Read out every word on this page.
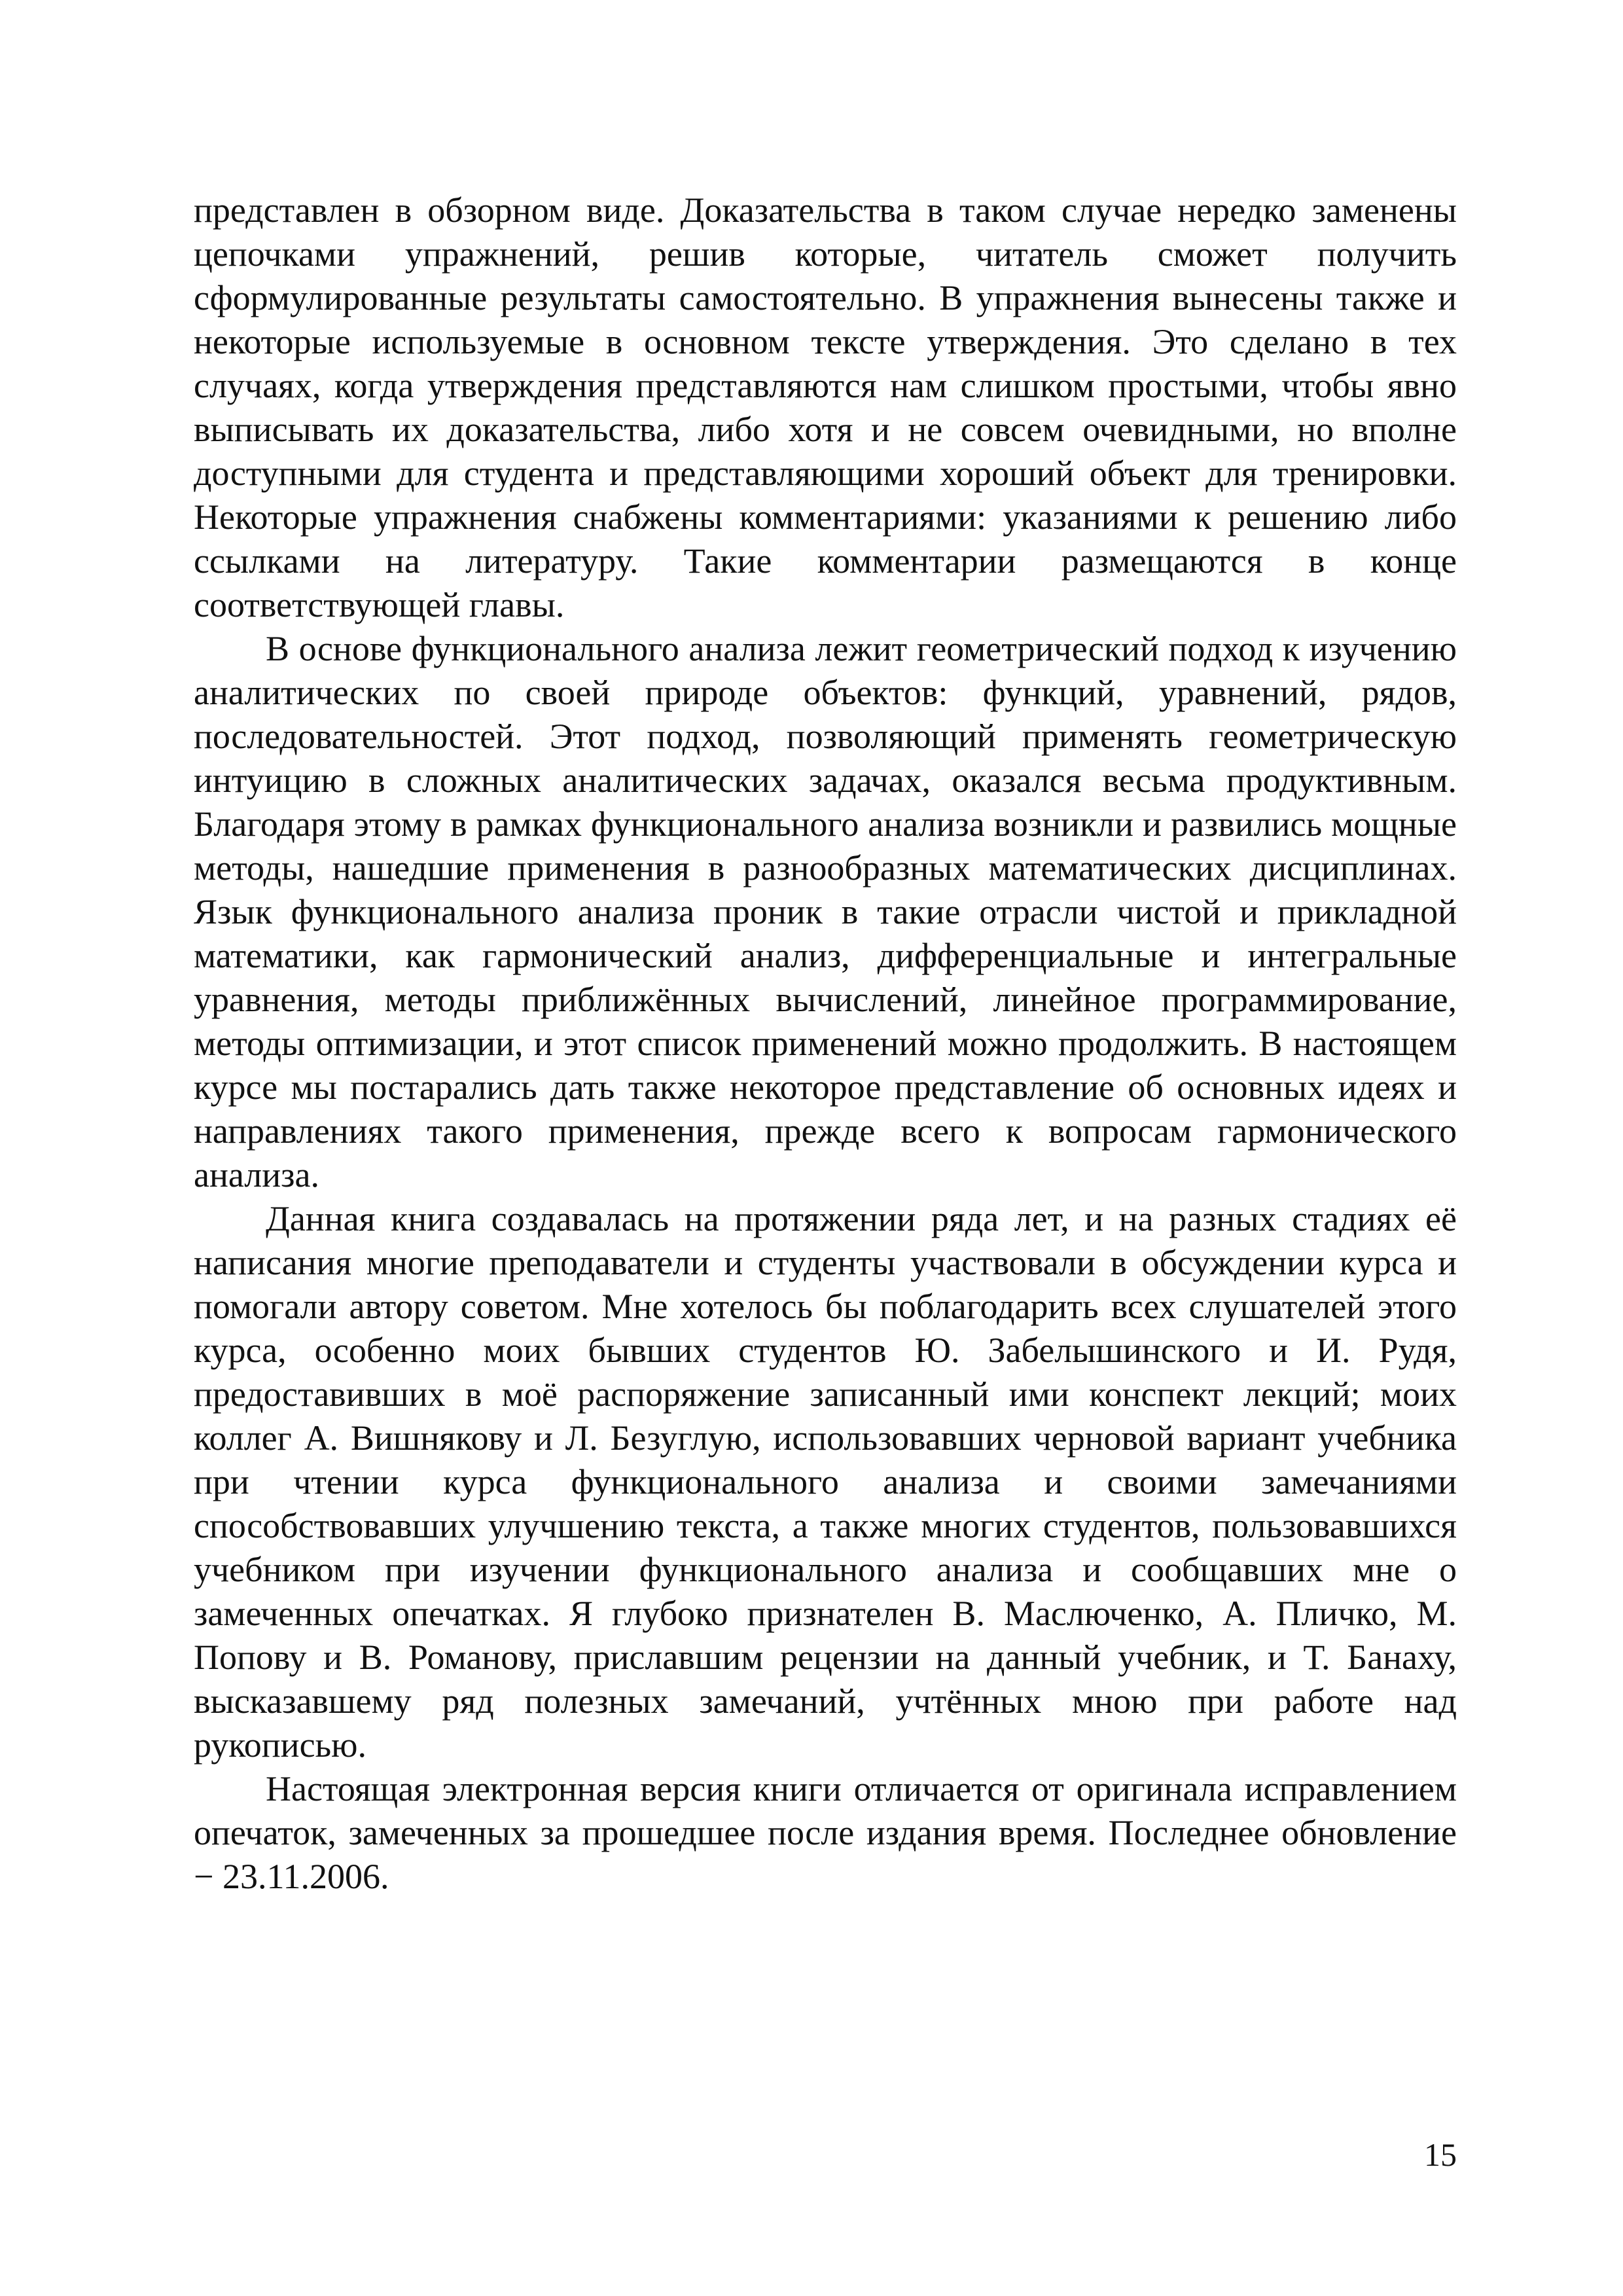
представлен в обзорном виде. Доказательства в таком случае нередко заменены цепочками упражнений, решив которые, читатель сможет получить сформулированные результаты самостоятельно. В упражнения вынесены также и некоторые используемые в основном тексте утверждения. Это сделано в тех случаях, когда утверждения представляются нам слишком простыми, чтобы явно выписывать их доказательства, либо хотя и не совсем очевидными, но вполне доступными для студента и представляющими хороший объект для тренировки. Некоторые упражнения снабжены комментариями: указаниями к решению либо ссылками на литературу. Такие комментарии размещаются в конце соответствующей главы.

В основе функционального анализа лежит геометрический подход к изучению аналитических по своей природе объектов: функций, уравнений, рядов, последовательностей. Этот подход, позволяющий применять геометрическую интуицию в сложных аналитических задачах, оказался весьма продуктивным. Благодаря этому в рамках функционального анализа возникли и развились мощные методы, нашедшие применения в разнообразных математических дисциплинах. Язык функционального анализа проник в такие отрасли чистой и прикладной математики, как гармонический анализ, дифференциальные и интегральные уравнения, методы приближённых вычислений, линейное программирование, методы оптимизации, и этот список применений можно продолжить. В настоящем курсе мы постарались дать также некоторое представление об основных идеях и направлениях такого применения, прежде всего к вопросам гармонического анализа.

Данная книга создавалась на протяжении ряда лет, и на разных стадиях её написания многие преподаватели и студенты участвовали в обсуждении курса и помогали автору советом. Мне хотелось бы поблагодарить всех слушателей этого курса, особенно моих бывших студентов Ю. Забелышинского и И. Рудя, предоставивших в моё распоряжение записанный ими конспект лекций; моих коллег А. Вишнякову и Л. Безуглую, использовавших черновой вариант учебника при чтении курса функционального анализа и своими замечаниями способствовавших улучшению текста, а также многих студентов, пользовавшихся учебником при изучении функционального анализа и сообщавших мне о замеченных опечатках. Я глубоко признателен В. Маслюченко, А. Пличко, М. Попову и В. Романову, приславшим рецензии на данный учебник, и Т. Банаху, высказавшему ряд полезных замечаний, учтённых мною при работе над рукописью.

Настоящая электронная версия книги отличается от оригинала исправлением опечаток, замеченных за прошедшее после издания время. Последнее обновление − 23.11.2006.

15
